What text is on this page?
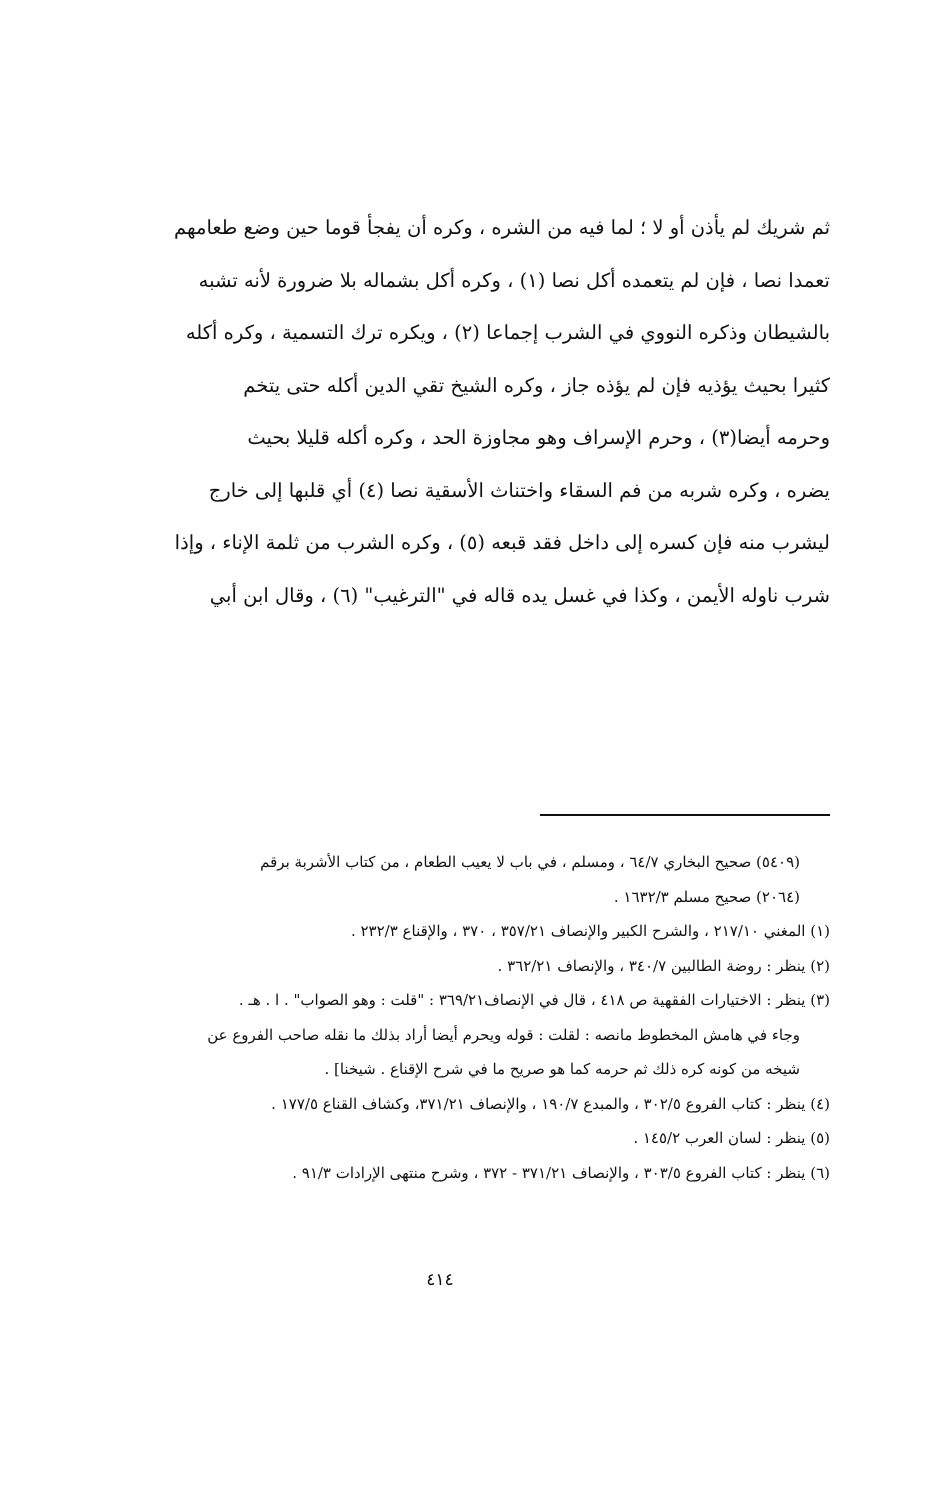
ثم شريك لم يأذن أو لا ؛ لما فيه من الشره ، وكره أن يفجأ قوما حين وضع طعامهم
تعمدا نصا ، فإن لم يتعمده أكل نصا (١) ، وكره أكل بشماله بلا ضرورة لأنه تشبه
بالشيطان وذكره النووي في الشرب إجماعا (٢) ، ويكره ترك التسمية ، وكره أكله
كثيرا بحيث يؤذيه فإن لم يؤذه جاز ، وكره الشيخ تقي الدين أكله حتى يتخم
وحرمه أيضا(٣) ، وحرم الإسراف وهو مجاوزة الحد ، وكره أكله قليلا بحيث
يضره ، وكره شربه من فم السقاء واختناث الأسقية نصا (٤) أي قلبها إلى خارج
ليشرب منه فإن كسره إلى داخل فقد قبعه (٥) ، وكره الشرب من ثلمة الإناء ، وإذا
شرب ناوله الأيمن ، وكذا في غسل يده قاله في "الترغيب" (٦) ، وقال ابن أبي
(٥٤٠٩) صحيح البخاري ٦٤/٧ ، ومسلم ، في باب لا يعيب الطعام ، من كتاب الأشربة برقم
(٢٠٦٤) صحيح مسلم ١٦٣٢/٣ .
(١) المغني ٢١٧/١٠ ، والشرح الكبير والإنصاف ٣٥٧/٢١ ، ٣٧٠ ، والإقناع ٢٣٢/٣ .
(٢) ينظر : روضة الطالبين ٣٤٠/٧ ، والإنصاف ٣٦٢/٢١ .
(٣) ينظر : الاختيارات الفقهية ص ٤١٨ ، قال في الإنصاف٣٦٩/٢١ : "قلت : وهو الصواب" . ا . هـ .
وجاء في هامش المخطوط مانصه : لقلت : قوله ويحرم أيضا أراد بذلك ما نقله صاحب الفروع عن
شيخه من كونه كره ذلك ثم حرمه كما هو صريح ما في شرح الإقناع . شيخنا] .
(٤) ينظر : كتاب الفروع ٣٠٢/٥ ، والمبدع ١٩٠/٧ ، والإنصاف ٣٧١/٢١، وكشاف القناع ١٧٧/٥ .
(٥) ينظر : لسان العرب ١٤٥/٢ .
(٦) ينظر : كتاب الفروع ٣٠٣/٥ ، والإنصاف ٣٧١/٢١ - ٣٧٢ ، وشرح منتهى الإرادات ٩١/٣ .
٤١٤
